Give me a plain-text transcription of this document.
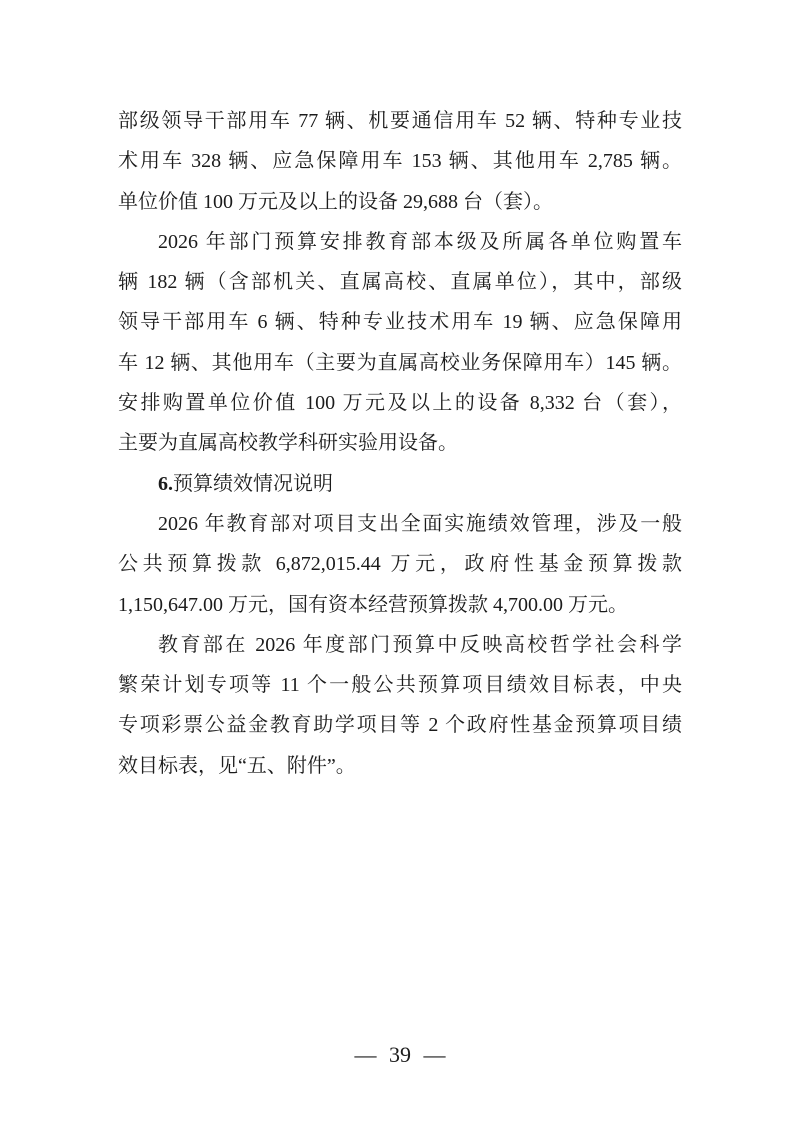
部级领导干部用车 77 辆、机要通信用车 52 辆、特种专业技
术用车 328 辆、应急保障用车 153 辆、其他用车 2,785 辆。
单位价值 100 万元及以上的设备 29,688 台（套）。
2026 年部门预算安排教育部本级及所属各单位购置车
辆 182 辆（含部机关、直属高校、直属单位），其中，部级
领导干部用车 6 辆、特种专业技术用车 19 辆、应急保障用
车 12 辆、其他用车（主要为直属高校业务保障用车）145 辆。
安排购置单位价值 100 万元及以上的设备 8,332 台（套），
主要为直属高校教学科研实验用设备。
6.预算绩效情况说明
2026 年教育部对项目支出全面实施绩效管理，涉及一般
公共预算拨款 6,872,015.44 万元，政府性基金预算拨款
1,150,647.00 万元，国有资本经营预算拨款 4,700.00 万元。
教育部在 2026 年度部门预算中反映高校哲学社会科学
繁荣计划专项等 11 个一般公共预算项目绩效目标表，中央
专项彩票公益金教育助学项目等 2 个政府性基金预算项目绩
效目标表，见“五、附件”。
— 39 —
